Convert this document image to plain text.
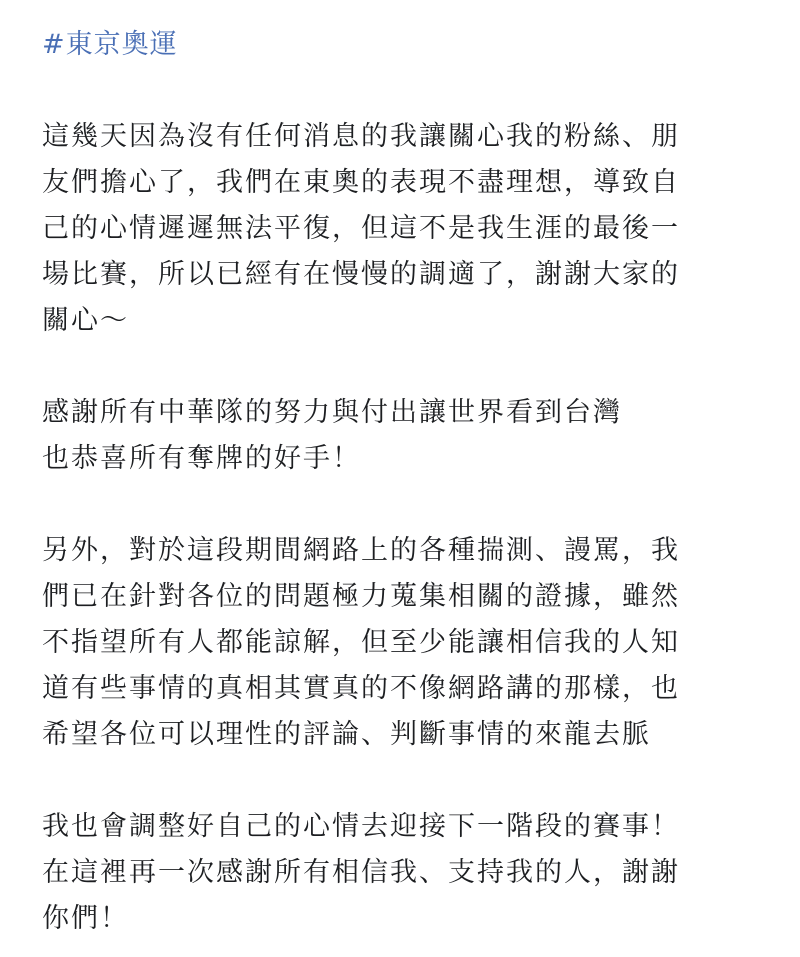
#東京奧運

這幾天因為沒有任何消息的我讓關心我的粉絲、朋
友們擔心了，我們在東奧的表現不盡理想，導致自
己的心情遲遲無法平復，但這不是我生涯的最後一
場比賽，所以已經有在慢慢的調適了，謝謝大家的
關心～

感謝所有中華隊的努力與付出讓世界看到台灣
也恭喜所有奪牌的好手！

另外，對於這段期間網路上的各種揣測、謾罵，我
們已在針對各位的問題極力蒐集相關的證據，雖然
不指望所有人都能諒解，但至少能讓相信我的人知
道有些事情的真相其實真的不像網路講的那樣，也
希望各位可以理性的評論、判斷事情的來龍去脈

我也會調整好自己的心情去迎接下一階段的賽事！
在這裡再一次感謝所有相信我、支持我的人，謝謝
你們！
